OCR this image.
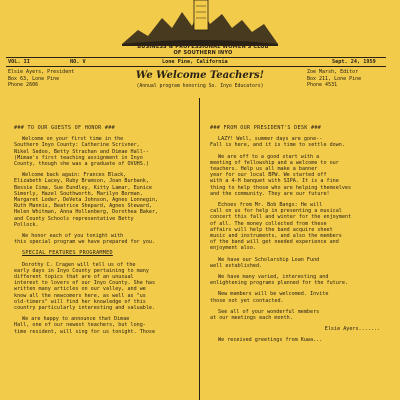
BUSINESS & PROFESSIONAL WOMEN'S CLUB
OF SOUTHERN INYO
VOL. II	NO. V	Lone Pine, California	Sept. 24, 1959
Elsie Ayers, President
Box 63, Lone Pine
Phone 2606
We Welcome Teachers!
(Annual program honoring So. Inyo Educators)
Zoe Marsh, Editor
Box 211, Lone Pine
Phone 4531
### TO OUR GUESTS OF HONOR ###

Welcome on your first time in the
Southern Inyo County: Catherine Scrivner,
Nikel Sedoo, Betty Strachan and Dimae Hall--
(Mimae's first teaching assignment in Inyo
County, though she was a graduate of OVUHS.)

Welcome back again: Frances Black,
Elizabeth Lacey, Ruby Bramson, Joan Burbank,
Bessie Cima, Sue Eundley, Kitty Lamar, Eunice
Simerly, Hazel Southworth, Marilyn Borman,
Margaret Loder, DeVeta Johnson, Agnes Lonnegin,
Ruth Mannis, Beatrice Shepard, Agnes Steward,
Helen Whitman, Anna Hollenberg, Dorothea Baker,
and County Schools representative Betty
Pollock.

We honor each of you tonight with
this special program we have prepared for you.

SPECIAL FEATURES PROGRAMMED

Dorothy C. Cragen will tell us of the
early days in Inyo County pertaining to many
different topics that are of an unusual
interest to lovers of our Inyo County. She has
written many articles on our valley, and we
know all the newcomers here, as well as "us
old-timers" will find her knowledge of this
country particularly interesting and valuable.

We are happy to announce that Dimae
Hall, one of our newest teachers, but long-
time resident, will sing for us tonight. Those

### FROM OUR PRESIDENT'S DESK ###

LAZY! Well, summer days are gone--
Fall is here, and it is time to settle down.

We are off to a good start with a
meeting of fellowship and a welcome to our
teachers. Help us all make a banner
year for our local BPW. We started off
with a 4-H banquet with SIPA. It is a fine
thing to help those who are helping themselves
and the community. They are our future!

Echoes from Mr. Bob Bangs: He will
call on us for help in presenting a musical
concert this fall and winter for the enjoyment
of all. The money collected from these
affairs will help the band acquire sheet
music and instruments, and also the members
of the band will get needed experience and
enjoyment also.

We have our Scholarship Loan Fund
well established.

We have many varied, interesting and
enlightening programs planned for the future.

New members will be welcomed. Invite
those not yet contacted.

See all of your wonderful members
at our meetings each month.

Elsie Ayers.......

We received greetings from Kuwa...
